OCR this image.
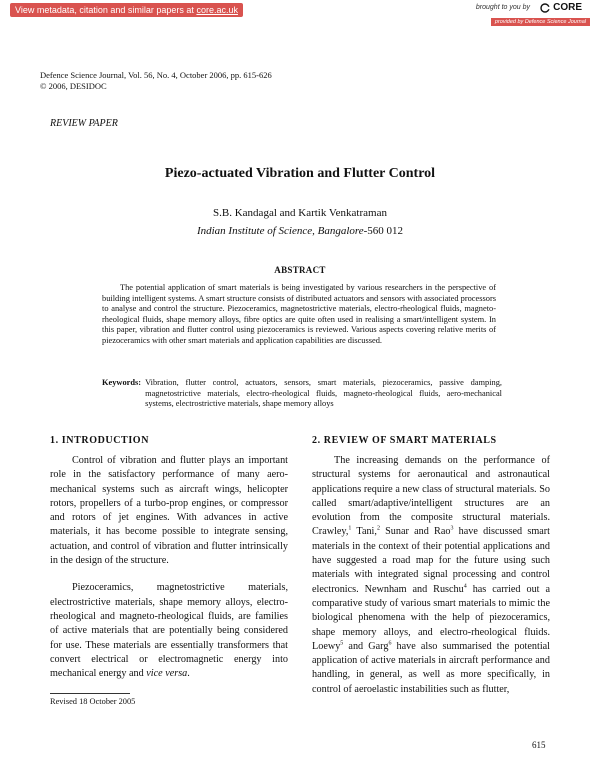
View metadata, citation and similar papers at core.ac.uk	brought to you by CORE
provided by Defence Science Journal
Defence Science Journal, Vol. 56, No. 4, October 2006, pp. 615-626
© 2006, DESIDOC
REVIEW PAPER
Piezo-actuated Vibration and Flutter Control
S.B. Kandagal and Kartik Venkatraman
Indian Institute of Science, Bangalore-560 012
ABSTRACT
The potential application of smart materials is being investigated by various researchers in the perspective of building intelligent systems. A smart structure consists of distributed actuators and sensors with associated processors to analyse and control the structure. Piezoceramics, magnetostrictive materials, electro-rheological fluids, magneto-rheological fluids, shape memory alloys, fibre optics are quite often used in realising a smart/intelligent system. In this paper, vibration and flutter control using piezoceramics is reviewed. Various aspects covering relative merits of piezoceramics with other smart materials and application capabilities are discussed.
Keywords: Vibration, flutter control, actuators, sensors, smart materials, piezoceramics, passive damping, magnetostrictive materials, electro-rheological fluids, magneto-rheological fluids, aero-mechanical systems, electrostrictive materials, shape memory alloys
1. INTRODUCTION	2. REVIEW OF SMART MATERIALS

Control of vibration and flutter plays an important role in the satisfactory performance of many aero-mechanical systems such as aircraft wings, helicopter rotors, propellers of a turbo-prop engines, or compressor and rotors of jet engines. With advances in active materials, it has become possible to integrate sensing, actuation, and control of vibration and flutter intrinsically in the design of the structure.

Piezoceramics, magnetostrictive materials, electrostrictive materials, shape memory alloys, electro-rheological and magneto-rheological fluids, are families of active materials that are potentially being considered for use. These materials are essentially transformers that convert electrical or electromagnetic energy into mechanical energy and vice versa.

The increasing demands on the performance of structural systems for aeronautical and astronautical applications require a new class of structural materials. So called smart/adaptive/intelligent structures are an evolution from the composite structural materials. Crawley,$^1$ Tani,$^2$ Sunar and Rao$^3$ have discussed smart materials in the context of their potential applications and have suggested a road map for the future using such materials with integrated signal processing and control electronics. Newnham and Ruschu$^4$ has carried out a comparative study of various smart materials to mimic the biological phenomena with the help of piezoceramics, shape memory alloys, and electro-rheological fluids. Loewy$^5$ and Garg$^6$ have also summarised the potential application of active materials in aircraft performance and handling, in general, as well as more specifically, in control of aeroelastic instabilities such as flutter,

Revised 18 October 2005
615
